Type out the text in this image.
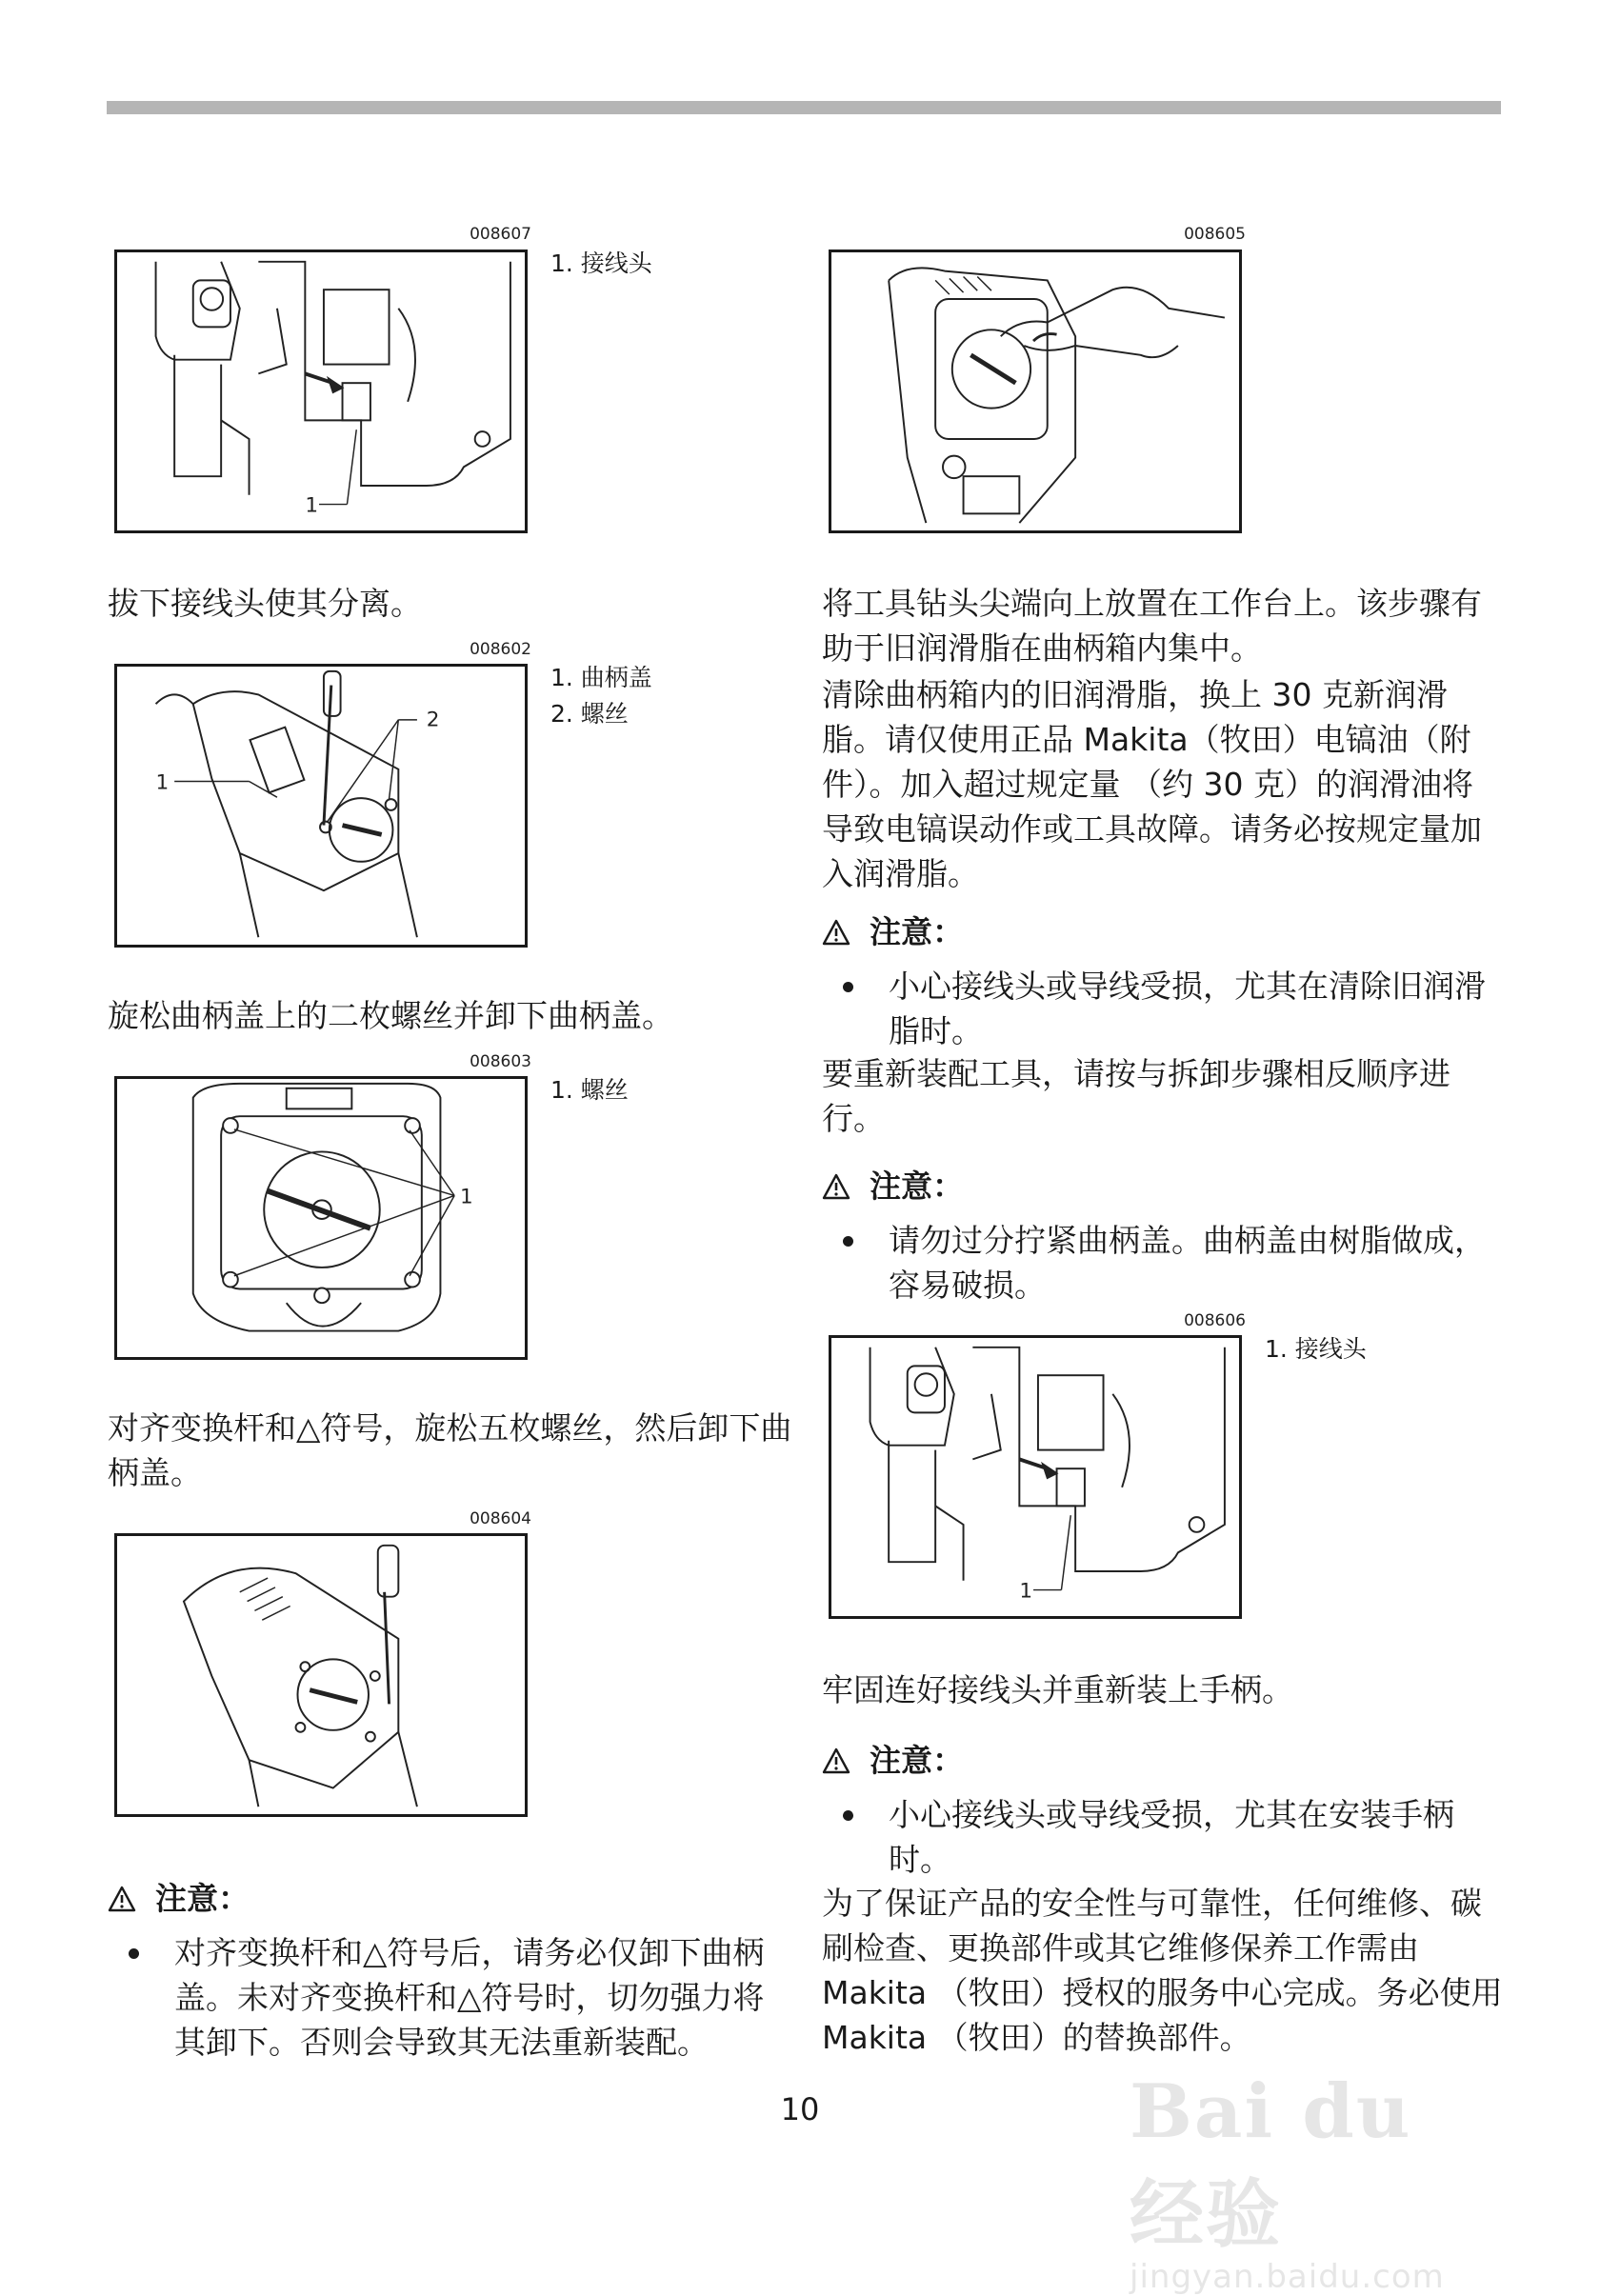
008607
1
1. 接线头

拔下接线头使其分离。

008602
1
2
1. 曲柄盖
2. 螺丝

旋松曲柄盖上的二枚螺丝并卸下曲柄盖。

008603
1
1. 螺丝

对齐变换杆和△符号，旋松五枚螺丝，然后卸下曲柄盖。

008604
注意：
对齐变换杆和△符号后，请务必仅卸下曲柄盖。未对齐变换杆和△符号时，切勿强力将其卸下。否则会导致其无法重新装配。
008605

将工具钻头尖端向上放置在工作台上。该步骤有助于旧润滑脂在曲柄箱内集中。

清除曲柄箱内的旧润滑脂，换上 30 克新润滑脂。请仅使用正品 Makita（牧田）电镐油（附件）。加入超过规定量 （约 30 克）的润滑油将导致电镐误动作或工具故障。请务必按规定量加入润滑脂。

注意：
小心接线头或导线受损，尤其在清除旧润滑脂时。

要重新装配工具，请按与拆卸步骤相反顺序进行。

注意：
请勿过分拧紧曲柄盖。曲柄盖由树脂做成，容易破损。
008606
1
1. 接线头

牢固连好接线头并重新装上手柄。

注意：
小心接线头或导线受损，尤其在安装手柄时。

为了保证产品的安全性与可靠性，任何维修、碳刷检查、更换部件或其它维修保养工作需由 Makita （牧田）授权的服务中心完成。务必使用 Makita （牧田）的替换部件。

10	Bai du 经验
jingyan.baidu.com
